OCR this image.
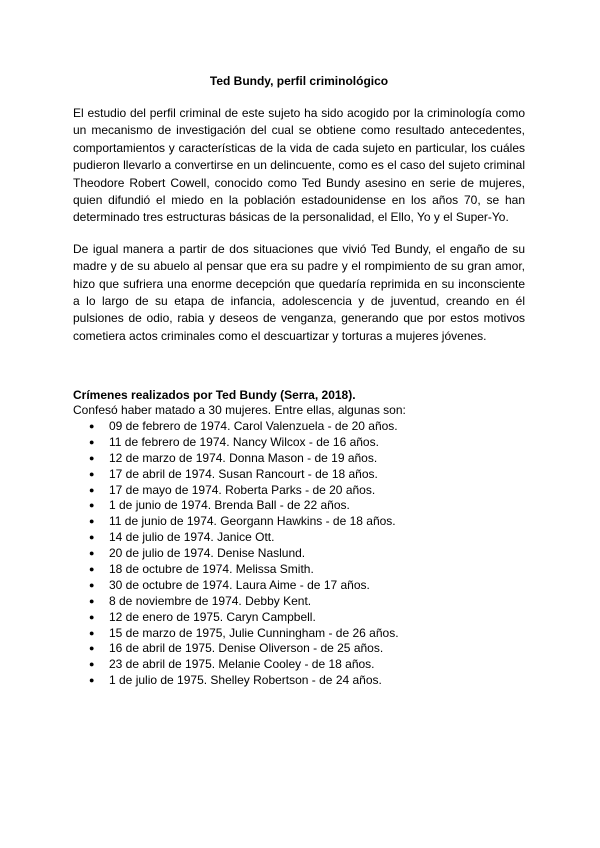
Ted Bundy, perfil criminológico

El estudio del perfil criminal de este sujeto ha sido acogido por la criminología como un mecanismo de investigación del cual se obtiene como resultado antecedentes, comportamientos y características de la vida de cada sujeto en particular, los cuáles pudieron llevarlo a convertirse en un delincuente, como es el caso del sujeto criminal Theodore Robert Cowell, conocido como Ted Bundy asesino en serie de mujeres, quien difundió el miedo en la población estadounidense en los años 70, se han determinado tres estructuras básicas de la personalidad, el Ello, Yo y el Super-Yo.

De igual manera a partir de dos situaciones que vivió Ted Bundy, el engaño de su madre y de su abuelo al pensar que era su padre y el rompimiento de su gran amor, hizo que sufriera una enorme decepción que quedaría reprimida en su inconsciente a lo largo de su etapa de infancia, adolescencia y de juventud, creando en él pulsiones de odio, rabia y deseos de venganza, generando que por estos motivos cometiera actos criminales como el descuartizar y torturas a mujeres jóvenes.

Crímenes realizados por Ted Bundy (Serra, 2018).

Confesó haber matado a 30 mujeres. Entre ellas, algunas son:

● 09 de febrero de 1974. Carol Valenzuela - de 20 años.
● 11 de febrero de 1974. Nancy Wilcox - de 16 años.
● 12 de marzo de 1974. Donna Mason - de 19 años.
● 17 de abril de 1974. Susan Rancourt - de 18 años.
● 17 de mayo de 1974. Roberta Parks - de 20 años.
● 1 de junio de 1974. Brenda Ball - de 22 años.
● 11 de junio de 1974. Georgann Hawkins - de 18 años.
● 14 de julio de 1974. Janice Ott.
● 20 de julio de 1974. Denise Naslund.
● 18 de octubre de 1974. Melissa Smith.
● 30 de octubre de 1974. Laura Aime - de 17 años.
● 8 de noviembre de 1974. Debby Kent.
● 12 de enero de 1975. Caryn Campbell.
● 15 de marzo de 1975, Julie Cunningham - de 26 años.
● 16 de abril de 1975. Denise Oliverson - de 25 años.
● 23 de abril de 1975. Melanie Cooley - de 18 años.
● 1 de julio de 1975. Shelley Robertson - de 24 años.
